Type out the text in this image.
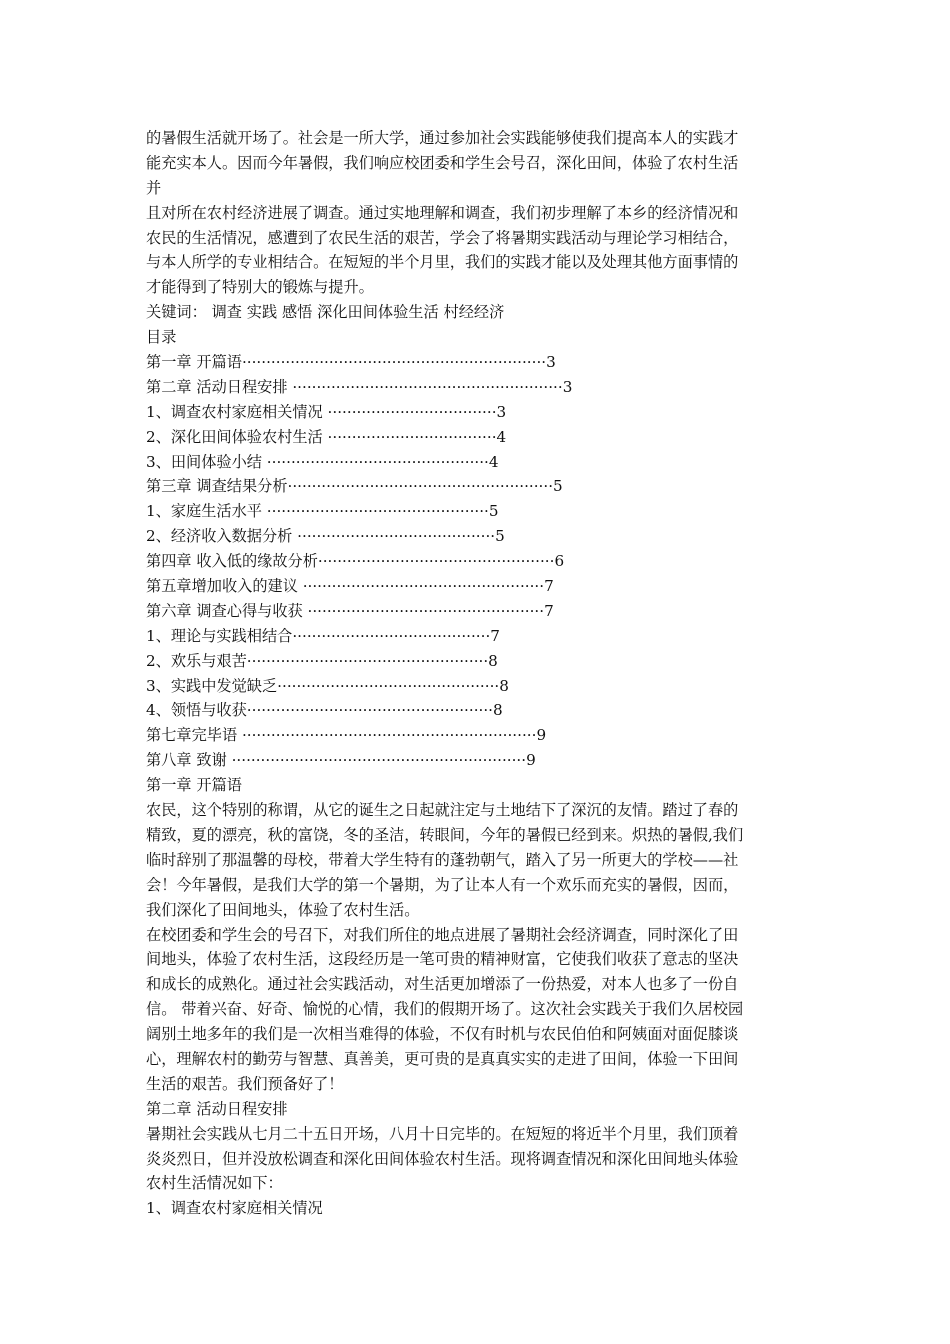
的暑假生活就开场了。社会是一所大学，通过参加社会实践能够使我们提高本人的实践才
能充实本人。因而今年暑假，我们响应校团委和学生会号召，深化田间，体验了农村生活
并
且对所在农村经济进展了调查。通过实地理解和调查，我们初步理解了本乡的经济情况和
农民的生活情况，感遭到了农民生活的艰苦，学会了将暑期实践活动与理论学习相结合，
与本人所学的专业相结合。在短短的半个月里，我们的实践才能以及处理其他方面事情的
才能得到了特别大的锻炼与提升。
关键词： 调查 实践 感悟 深化田间体验生活 村经经济
目录
第一章 开篇语·······························································3
第二章 活动日程安排 ························································3
1、调查农村家庭相关情况 ···································3
2、深化田间体验农村生活 ···································4
3、田间体验小结 ··············································4
第三章 调查结果分析·······················································5
1、家庭生活水平 ··············································5
2、经济收入数据分析 ·········································5
第四章 收入低的缘故分析·················································6
第五章增加收入的建议 ··················································7
第六章 调查心得与收获 ·················································7
1、理论与实践相结合·········································7
2、欢乐与艰苦··················································8
3、实践中发觉缺乏··············································8
4、领悟与收获···················································8
第七章完毕语 ·····························································9
第八章 致谢 ·····························································9
第一章 开篇语
农民，这个特别的称谓，从它的诞生之日起就注定与土地结下了深沉的友情。踏过了春的
精致，夏的漂亮，秋的富饶，冬的圣洁，转眼间，今年的暑假已经到来。炽热的暑假,我们
临时辞别了那温馨的母校，带着大学生特有的蓬勃朝气，踏入了另一所更大的学校——社
会！今年暑假，是我们大学的第一个暑期，为了让本人有一个欢乐而充实的暑假，因而，
我们深化了田间地头，体验了农村生活。
在校团委和学生会的号召下，对我们所住的地点进展了暑期社会经济调查，同时深化了田
间地头，体验了农村生活，这段经历是一笔可贵的精神财富，它使我们收获了意志的坚决
和成长的成熟化。通过社会实践活动，对生活更加增添了一份热爱，对本人也多了一份自
信。 带着兴奋、好奇、愉悦的心情，我们的假期开场了。这次社会实践关于我们久居校园
阔别土地多年的我们是一次相当难得的体验，不仅有时机与农民伯伯和阿姨面对面促膝谈
心，理解农村的勤劳与智慧、真善美，更可贵的是真真实实的走进了田间，体验一下田间
生活的艰苦。我们预备好了！
第二章 活动日程安排
暑期社会实践从七月二十五日开场，八月十日完毕的。在短短的将近半个月里，我们顶着
炎炎烈日，但并没放松调查和深化田间体验农村生活。现将调查情况和深化田间地头体验
农村生活情况如下：
1、调查农村家庭相关情况
